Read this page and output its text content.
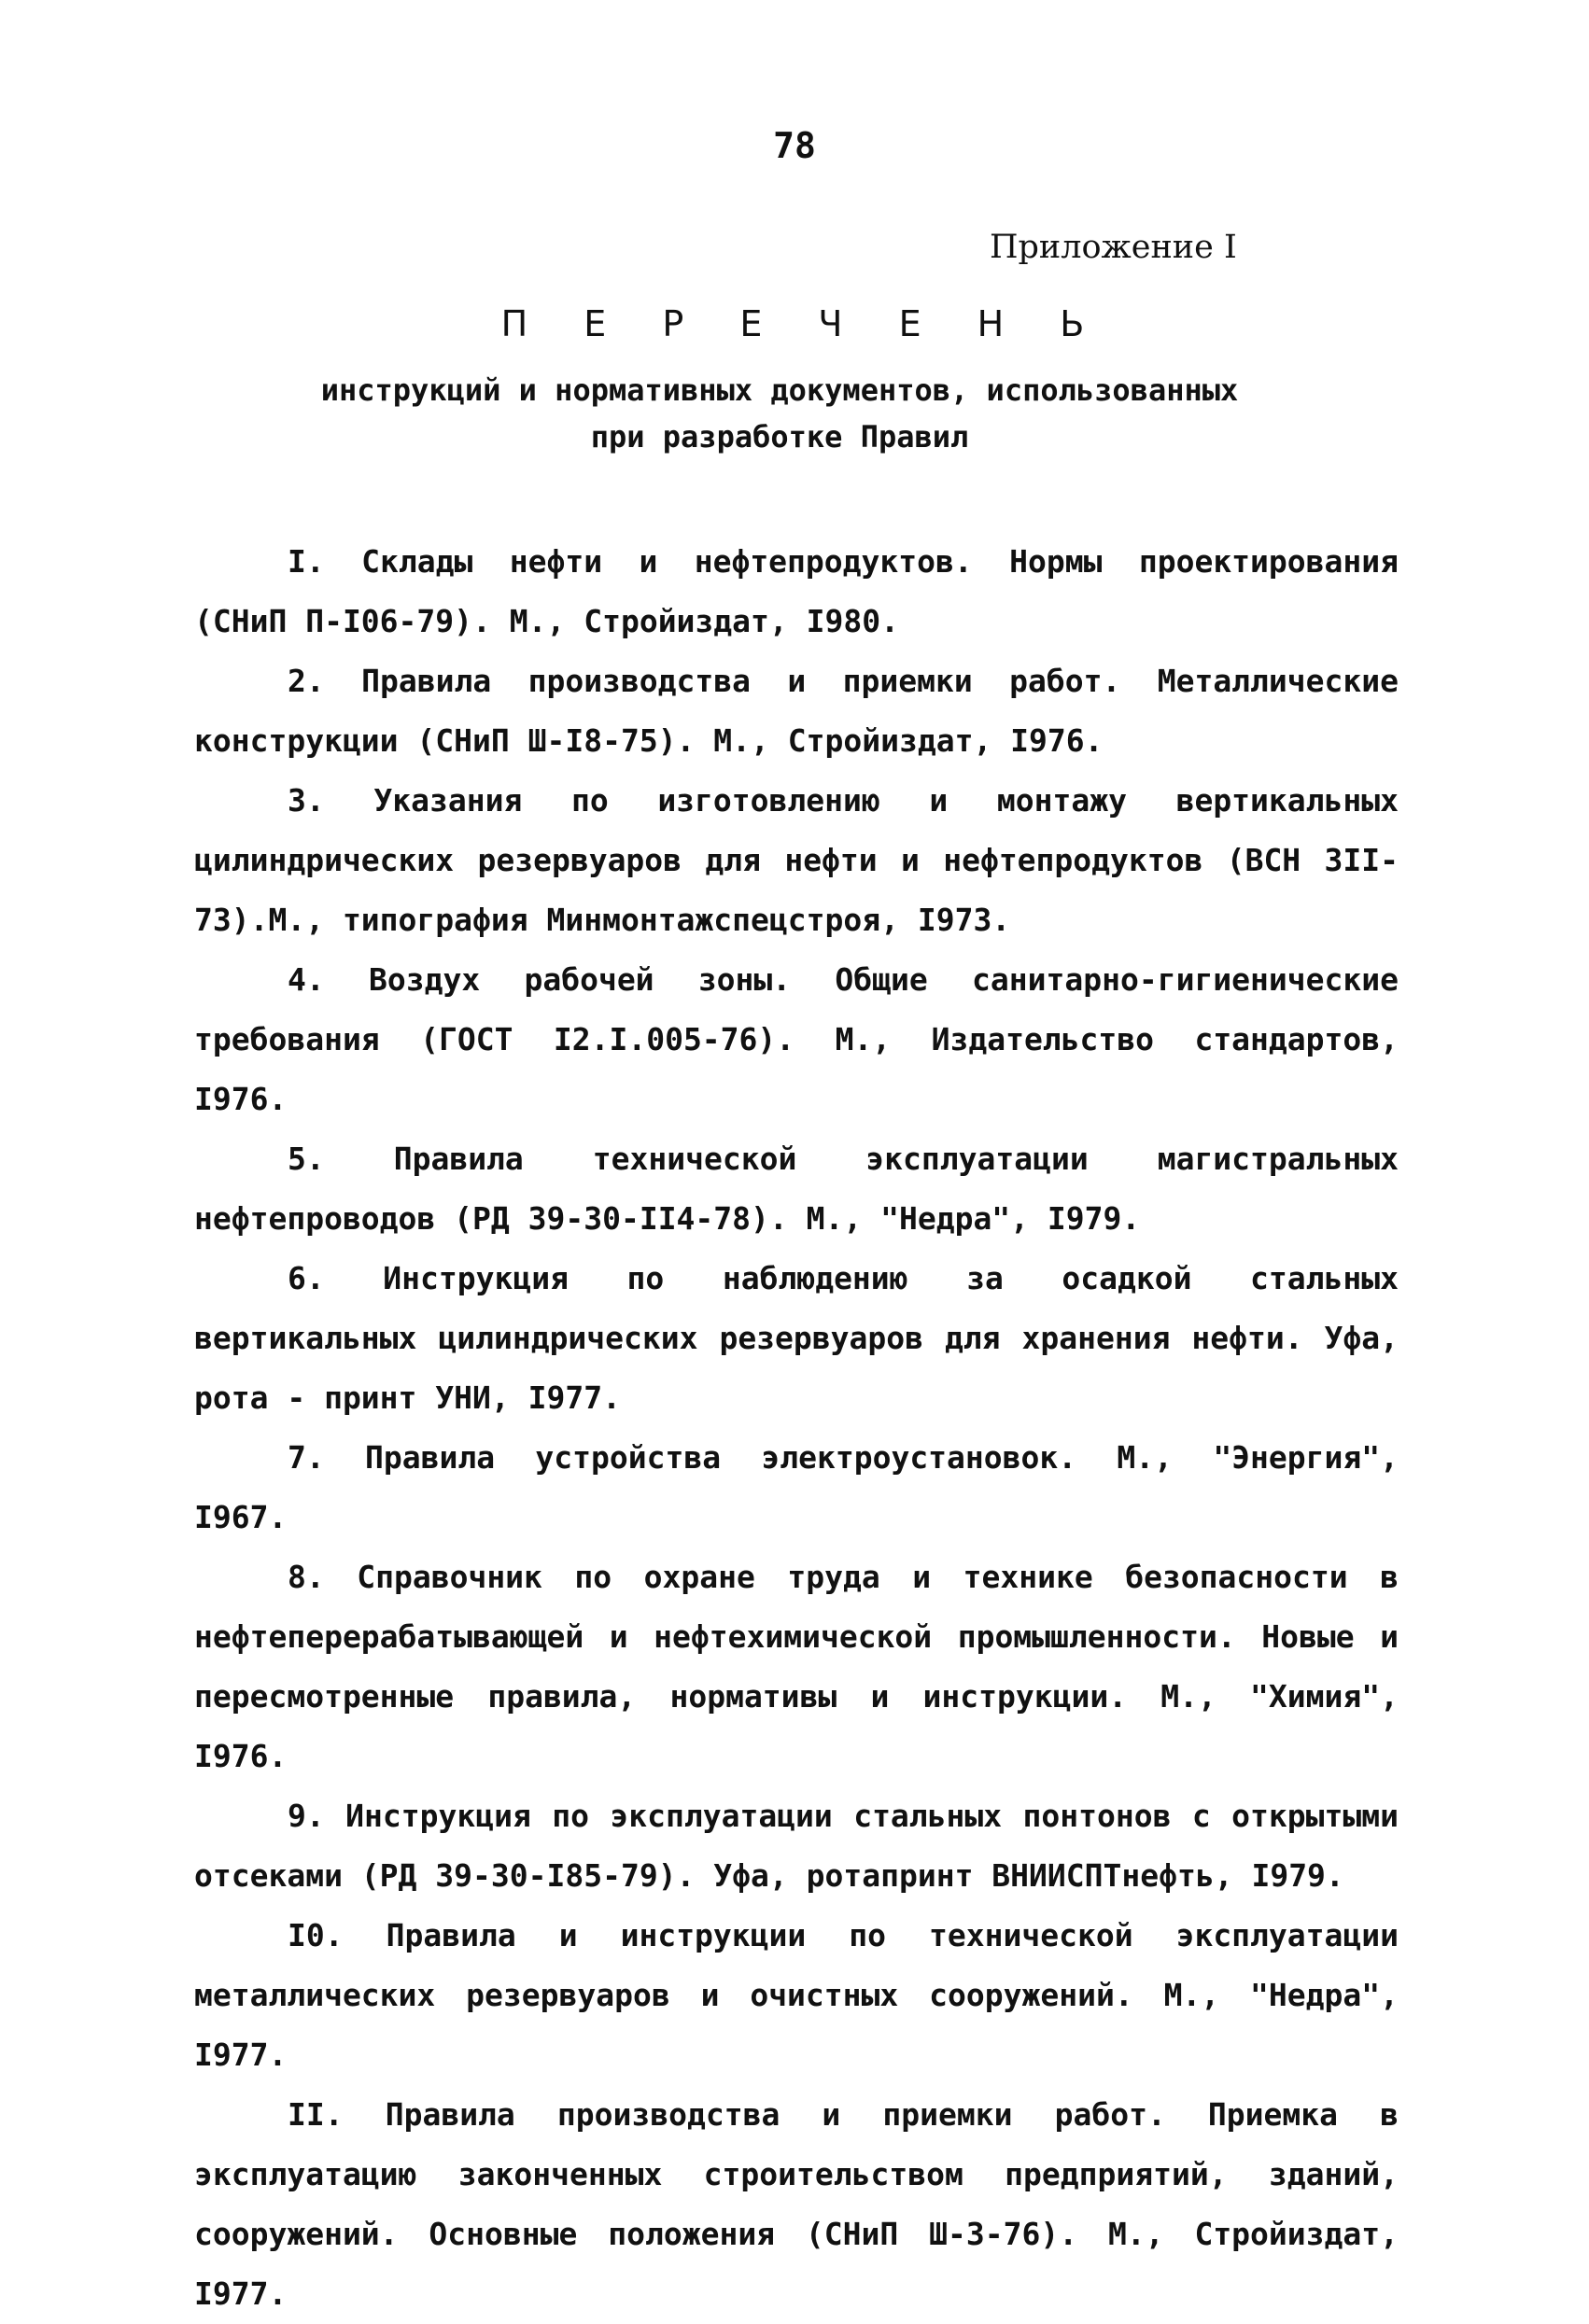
78
Приложение I
П Е Р Е Ч Е Н Ь
инструкций и нормативных документов, использованных
при разработке Правил

I. Склады нефти и нефтепродуктов. Нормы проектирования (СНиП П-I06-79). М., Стройиздат, I980.

2. Правила производства и приемки работ. Металлические конструкции (СНиП Ш-I8-75). М., Стройиздат, I976.

3. Указания по изготовлению и монтажу вертикальных цилиндрических резервуаров для нефти и нефтепродуктов (ВСН 3II-73).М., типография Минмонтажспецстроя, I973.

4. Воздух рабочей зоны. Общие санитарно-гигиенические требования (ГОСТ I2.I.005-76). М., Издательство стандартов, I976.

5. Правила технической эксплуатации магистральных нефтепроводов (РД 39-30-II4-78). М., "Недра", I979.

6. Инструкция по наблюдению за осадкой стальных вертикальных цилиндрических резервуаров для хранения нефти. Уфа, рота - принт УНИ, I977.

7. Правила устройства электроустановок. М., "Энергия", I967.

8. Справочник по охране труда и технике безопасности в нефтеперерабатывающей и нефтехимической промышленности. Новые и пересмотренные правила, нормативы и инструкции. М., "Химия", I976.

9. Инструкция по эксплуатации стальных понтонов с открытыми отсеками (РД 39-30-I85-79). Уфа, ротапринт ВНИИСПТнефть, I979.

I0. Правила и инструкции по технической эксплуатации металлических резервуаров и очистных сооружений. М., "Недра", I977.

II. Правила производства и приемки работ. Приемка в эксплуатацию законченных строительством предприятий, зданий, сооружений. Основные положения (СНиП Ш-3-76). М., Стройиздат, I977.
